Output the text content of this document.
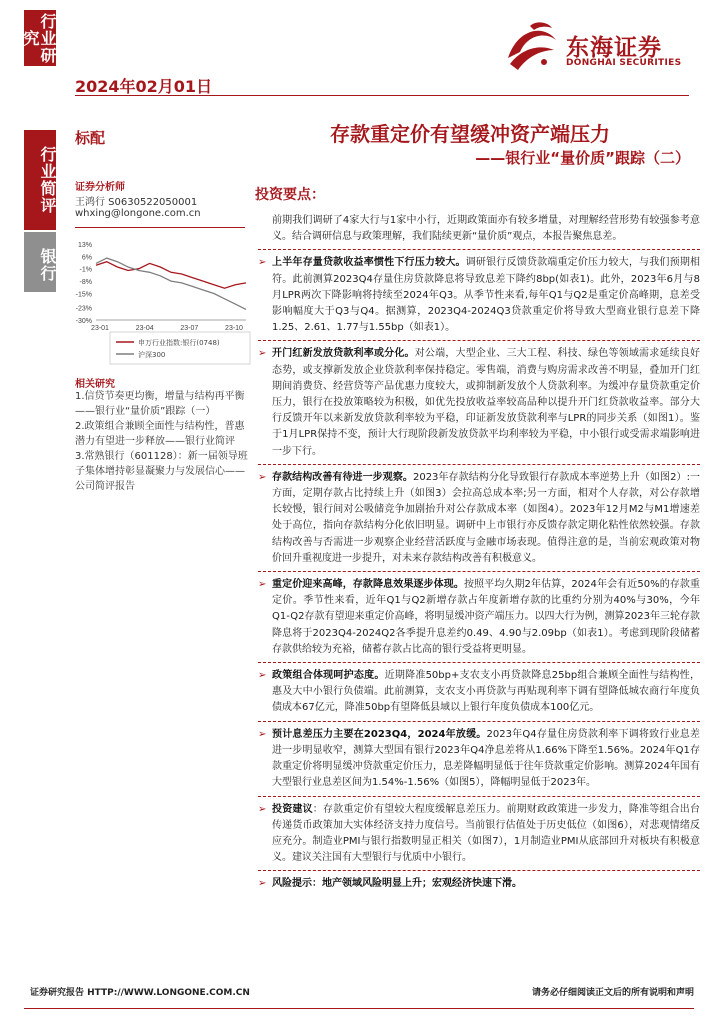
行业研究
行业简评
银行
2024年02月01日
东海证券
DONGHAI SECURITIES
标配	存款重定价有望缓冲资产端压力
——银行业“量价质”跟踪（二）
证券分析师
王鸿行 S0630522050001
whxing@longone.com.cn
13%
6%
-1%
-8%
-15%
-23%
-30%
23-01	23-04	23-07	23-10
申万行业指数:银行(0748)
沪深300
相关研究

1.信贷节奏更均衡，增量与结构再平衡——银行业“量价质”跟踪（一）

2.政策组合兼顾全面性与结构性，普惠潜力有望进一步释放——银行业简评

3.常熟银行（601128）：新一届领导班子集体增持彰显凝聚力与发展信心——公司简评报告

投资要点：
前期我们调研了4家大行与1家中小行，近期政策面亦有较多增量，对理解经营形势有较强参考意义。结合调研信息与政策理解，我们陆续更新“量价质”观点，本报告聚焦息差。
➢ 上半年存量贷款收益率惯性下行压力较大。调研银行反馈贷款端重定价压力较大，与我们预期相符。此前测算2023Q4存量住房贷款降息将导致息差下降约8bp(如表1)。此外，2023年6月与8月LPR两次下降影响将持续至2024年Q3。从季节性来看,每年Q1与Q2是重定价高峰期，息差受影响幅度大于Q3与Q4。据测算，2023Q4-2024Q3贷款重定价将导致大型商业银行息差下降1.25、2.61、1.77与1.55bp（如表1）。
➢ 开门红新发放贷款利率或分化。对公端，大型企业、三大工程、科技、绿色等领域需求延续良好态势，或支撑新发放企业贷款利率保持稳定。零售端，消费与购房需求改善不明显，叠加开门红期间消费贷、经营贷等产品优惠力度较大，或抑制新发放个人贷款利率。为缓冲存量贷款重定价压力，银行在投放策略较为积极，如优先投放收益率较高品种以提升开门红贷款收益率。部分大行反馈开年以来新发放贷款利率较为平稳，印证新发放贷款利率与LPR的同步关系（如图1）。鉴于1月LPR保持不变，预计大行现阶段新发放贷款平均利率较为平稳，中小银行或受需求端影响进一步下行。
➢ 存款结构改善有待进一步观察。2023年存款结构分化导致银行存款成本率逆势上升（如图2）:一方面，定期存款占比持续上升（如图3）会拉高总成本率;另一方面，相对个人存款，对公存款增长较慢，银行间对公吸储竞争加剧抬升对公存款成本率（如图4）。2023年12月M2与M1增速差处于高位，指向存款结构分化依旧明显。调研中上市银行亦反馈存款定期化粘性依然较强。存款结构改善与否需进一步观察企业经营活跃度与金融市场表现。值得注意的是，当前宏观政策对物价回升重视度进一步提升，对未来存款结构改善有积极意义。
➢ 重定价迎来高峰，存款降息效果逐步体现。按照平均久期2年估算，2024年会有近50%的存款重定价。季节性来看，近年Q1与Q2新增存款占年度新增存款的比重约分别为40%与30%，今年Q1-Q2存款有望迎来重定价高峰，将明显缓冲资产端压力。以四大行为例，测算2023年三轮存款降息将于2023Q4-2024Q2各季提升息差约0.49、4.90与2.09bp（如表1）。考虑到现阶段储蓄存款供给较为充裕，储蓄存款占比高的银行受益将更明显。
➢ 政策组合体现呵护态度。近期降准50bp+支农支小再贷款降息25bp组合兼顾全面性与结构性，惠及大中小银行负债端。此前测算，支农支小再贷款与再贴现利率下调有望降低城农商行年度负债成本67亿元，降准50bp有望降低县域以上银行年度负债成本100亿元。
➢ 预计息差压力主要在2023Q4，2024年放缓。2023年Q4存量住房贷款利率下调将致行业息差进一步明显收窄，测算大型国有银行2023年Q4净息差将从1.66%下降至1.56%。2024年Q1存款重定价将明显缓冲贷款重定价压力，息差降幅明显低于往年贷款重定价影响。测算2024年国有大型银行业息差区间为1.54%-1.56%（如图5），降幅明显低于2023年。
➢ 投资建议：存款重定价有望较大程度缓解息差压力。前期财政政策进一步发力，降准等组合出台传递货币政策加大实体经济支持力度信号。当前银行估值处于历史低位（如图6），对悲观情绪反应充分。制造业PMI与银行指数明显正相关（如图7），1月制造业PMI从底部回升对板块有积极意义。建议关注国有大型银行与优质中小银行。
➢ 风险提示：地产领域风险明显上升；宏观经济快速下滑。
证券研究报告 HTTP://WWW.LONGONE.COM.CN	请务必仔细阅读正文后的所有说明和声明
